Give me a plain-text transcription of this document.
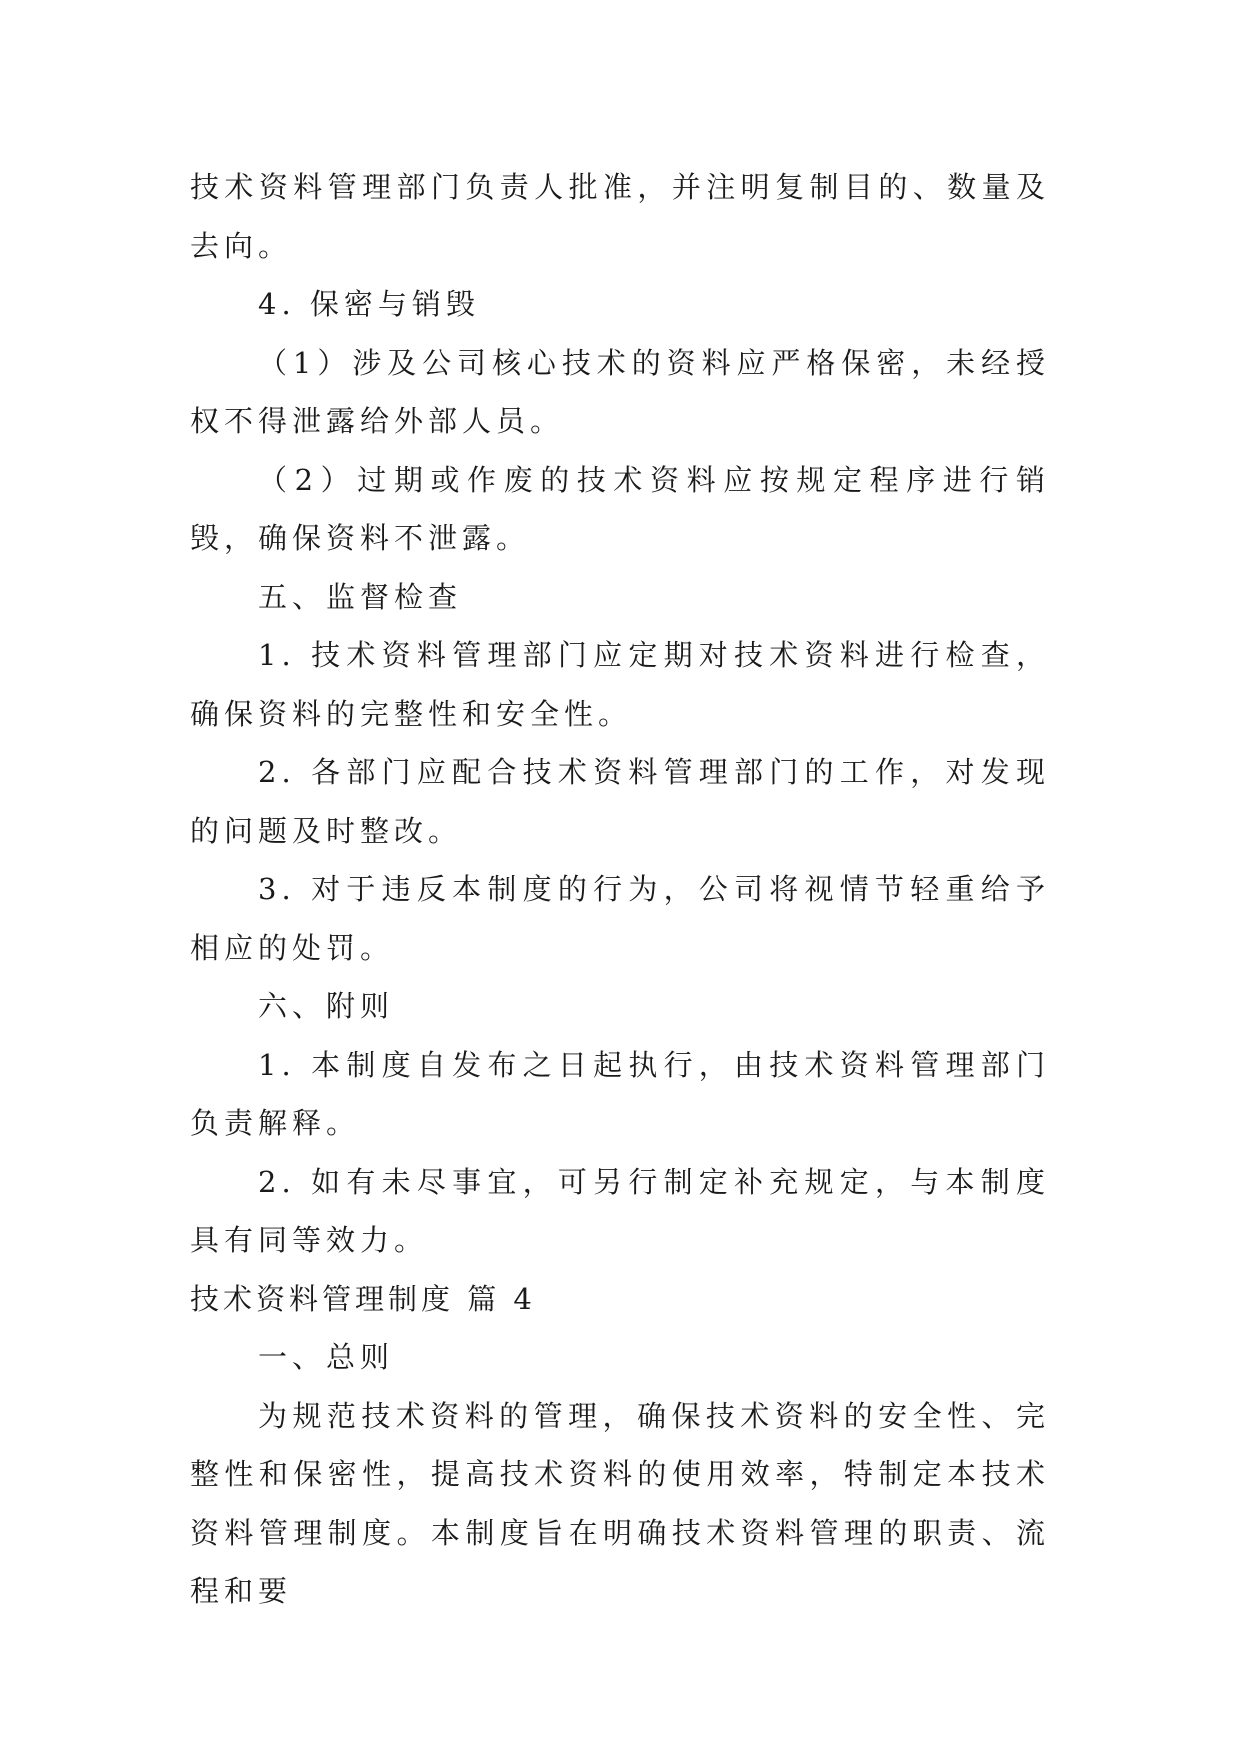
技术资料管理部门负责人批准，并注明复制目的、数量及去向。

4. 保密与销毁

（1）涉及公司核心技术的资料应严格保密，未经授权不得泄露给外部人员。

（2）过期或作废的技术资料应按规定程序进行销毁，确保资料不泄露。

五、监督检查

1. 技术资料管理部门应定期对技术资料进行检查，确保资料的完整性和安全性。

2. 各部门应配合技术资料管理部门的工作，对发现的问题及时整改。

3. 对于违反本制度的行为，公司将视情节轻重给予相应的处罚。

六、附则

1. 本制度自发布之日起执行，由技术资料管理部门负责解释。

2. 如有未尽事宜，可另行制定补充规定，与本制度具有同等效力。

技术资料管理制度 篇 4

一、总则

为规范技术资料的管理，确保技术资料的安全性、完整性和保密性，提高技术资料的使用效率，特制定本技术资料管理制度。本制度旨在明确技术资料管理的职责、流程和要
